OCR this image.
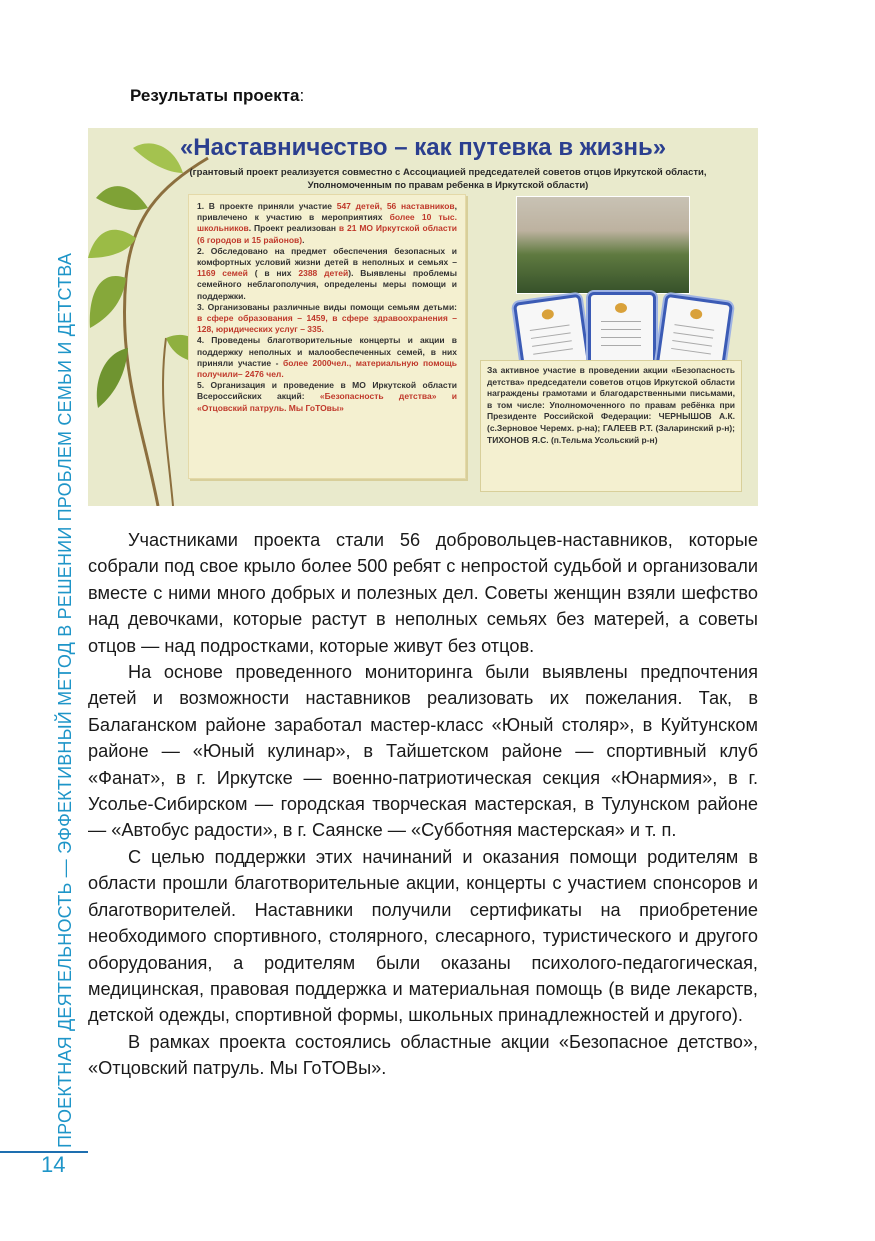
ПРОЕКТНАЯ ДЕЯТЕЛЬНОСТЬ — ЭФФЕКТИВНЫЙ МЕТОД В РЕШЕНИИ ПРОБЛЕМ СЕМЬИ И ДЕТСТВА
14
Результаты проекта:
«Наставничество – как путевка в жизнь»
(грантовый проект реализуется совместно с Ассоциацией председателей советов отцов Иркутской области, Уполномоченным по правам ребенка в Иркутской области)

1. В проекте приняли участие 547 детей, 56 наставников, привлечено к участию в мероприятиях более 10 тыс. школьников. Проект реализован в 21 МО Иркутской области (6 городов и 15 районов).

2. Обследовано на предмет обеспечения безопасных и комфортных условий жизни детей в неполных и семьях – 1169 семей ( в них 2388 детей). Выявлены проблемы семейного неблагополучия, определены меры помощи и поддержки.

3. Организованы различные виды помощи семьям детьми: в сфере образования – 1459, в сфере здравоохранения – 128, юридических услуг – 335.

4. Проведены благотворительные концерты и акции в поддержку неполных и малообеспеченных семей, в них приняли участие - более 2000чел., материальную помощь получили– 2476 чел.

5. Организация и проведение в МО Иркутской области Всероссийских акций: «Безопасность детства» и «Отцовский патруль. Мы ГоТОвы»

За активное участие в проведении акции «Безопасность детства» председатели советов отцов Иркутской области награждены грамотами и благодарственными письмами, в том числе: Уполномоченного по правам ребёнка при Президенте Российской Федерации: ЧЕРНЫШОВ А.К. (с.Зерновое Черемх. р-на); ГАЛЕЕВ Р.Т. (Заларинский р-н); ТИХОНОВ Я.С. (п.Тельма Усольский р-н)

Участниками проекта стали 56 добровольцев-наставников, которые собрали под свое крыло более 500 ребят с непростой судьбой и организовали вместе с ними много добрых и полезных дел. Советы женщин взяли шефство над девочками, которые растут в неполных семьях без матерей, а советы отцов — над подростками, которые живут без отцов.

На основе проведенного мониторинга были выявлены предпочтения детей и возможности наставников реализовать их пожелания. Так, в Балаганском районе заработал мастер-класс «Юный столяр», в Куйтунском районе — «Юный кулинар», в Тайшетском районе — спортивный клуб «Фанат», в г. Иркутске — военно-патриотическая секция «Юнармия», в г. Усолье-Сибирском — городская творческая мастерская, в Тулунском районе — «Автобус радости», в г. Саянске — «Субботняя мастерская» и т. п.

С целью поддержки этих начинаний и оказания помощи родителям в области прошли благотворительные акции, концерты с участием спонсоров и благотворителей. Наставники получили сертификаты на приобретение необходимого спортивного, столярного, слесарного, туристического и другого оборудования, а родителям были оказаны психолого-педагогическая, медицинская, правовая поддержка и материальная помощь (в виде лекарств, детской одежды, спортивной формы, школьных принадлежностей и другого).

В рамках проекта состоялись областные акции «Безопасное детство», «Отцовский патруль. Мы ГоТОВы».
